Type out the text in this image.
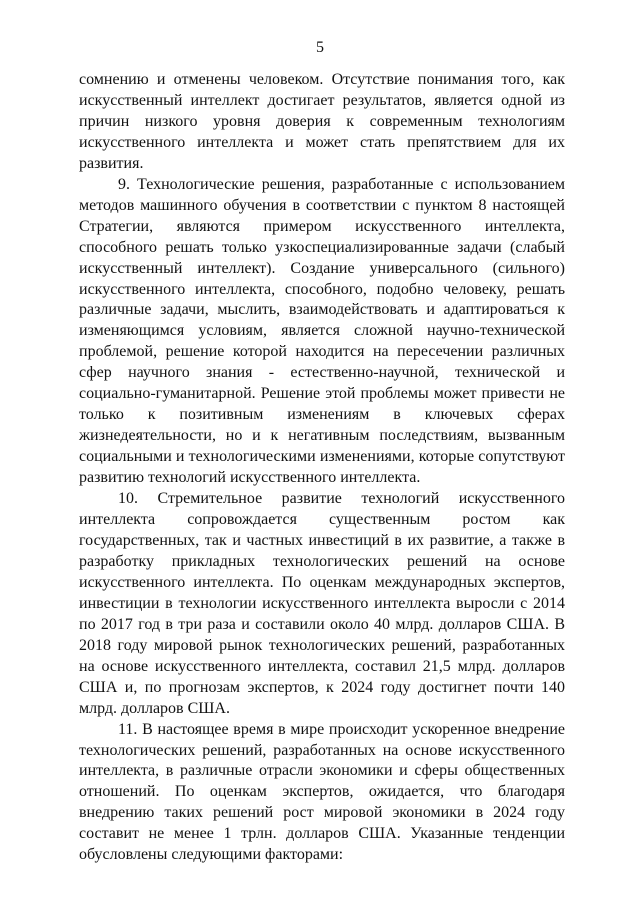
5

сомнению и отменены человеком. Отсутствие понимания того, как искусственный интеллект достигает результатов, является одной из причин низкого уровня доверия к современным технологиям искусственного интеллекта и может стать препятствием для их развития.

9. Технологические решения, разработанные с использованием методов машинного обучения в соответствии с пунктом 8 настоящей Стратегии, являются примером искусственного интеллекта, способного решать только узкоспециализированные задачи (слабый искусственный интеллект). Создание универсального (сильного) искусственного интеллекта, способного, подобно человеку, решать различные задачи, мыслить, взаимодействовать и адаптироваться к изменяющимся условиям, является сложной научно-технической проблемой, решение которой находится на пересечении различных сфер научного знания - естественно-научной, технической и социально-гуманитарной. Решение этой проблемы может привести не только к позитивным изменениям в ключевых сферах жизнедеятельности, но и к негативным последствиям, вызванным социальными и технологическими изменениями, которые сопутствуют развитию технологий искусственного интеллекта.

10. Стремительное развитие технологий искусственного интеллекта сопровождается существенным ростом как государственных, так и частных инвестиций в их развитие, а также в разработку прикладных технологических решений на основе искусственного интеллекта. По оценкам международных экспертов, инвестиции в технологии искусственного интеллекта выросли с 2014 по 2017 год в три раза и составили около 40 млрд. долларов США. В 2018 году мировой рынок технологических решений, разработанных на основе искусственного интеллекта, составил 21,5 млрд. долларов США и, по прогнозам экспертов, к 2024 году достигнет почти 140 млрд. долларов США.

11. В настоящее время в мире происходит ускоренное внедрение технологических решений, разработанных на основе искусственного интеллекта, в различные отрасли экономики и сферы общественных отношений. По оценкам экспертов, ожидается, что благодаря внедрению таких решений рост мировой экономики в 2024 году составит не менее 1 трлн. долларов США. Указанные тенденции обусловлены следующими факторами:
